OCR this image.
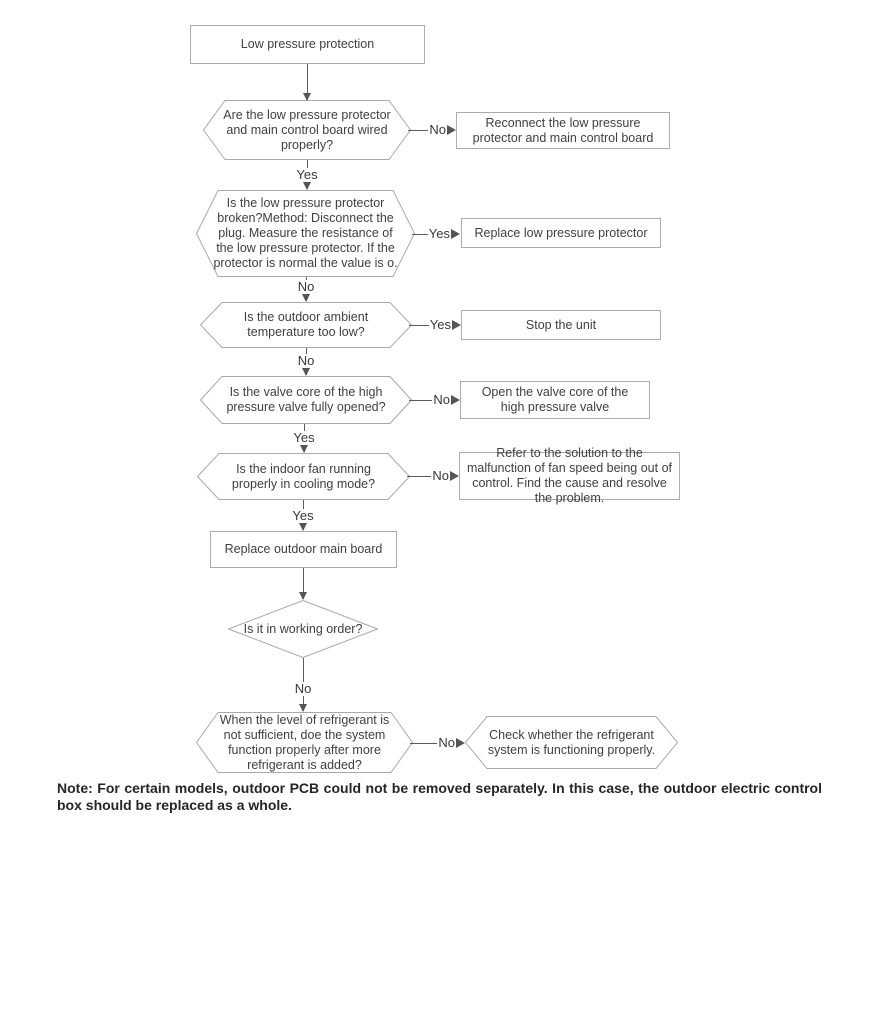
Low pressure protection
Are the low pressure protector and main control board wired properly?
No	Reconnect the low pressure protector and main control board
Yes
Is the low pressure protector broken?Method: Disconnect the plug. Measure the resistance of the low pressure protector. If the protector is normal the value is o.
Yes	Replace low pressure protector
No
Is the outdoor ambient temperature too low?	Yes	Stop the unit
No
Is the valve core of the high pressure valve fully opened?	No	Open the valve core of the high pressure valve
Yes
Is the indoor fan running properly in cooling mode?
No
Refer to the solution to the malfunction of fan speed being out of control. Find the cause and resolve the problem.
Yes
Replace outdoor main board
Is it in working order?
No
When the level of refrigerant is not sufficient, doe the system function properly after more refrigerant is added?
No
Check whether the refrigerant system is functioning properly.
Note: For certain models, outdoor PCB could not be removed separately. In this case, the outdoor electric control box should be replaced as a whole.
